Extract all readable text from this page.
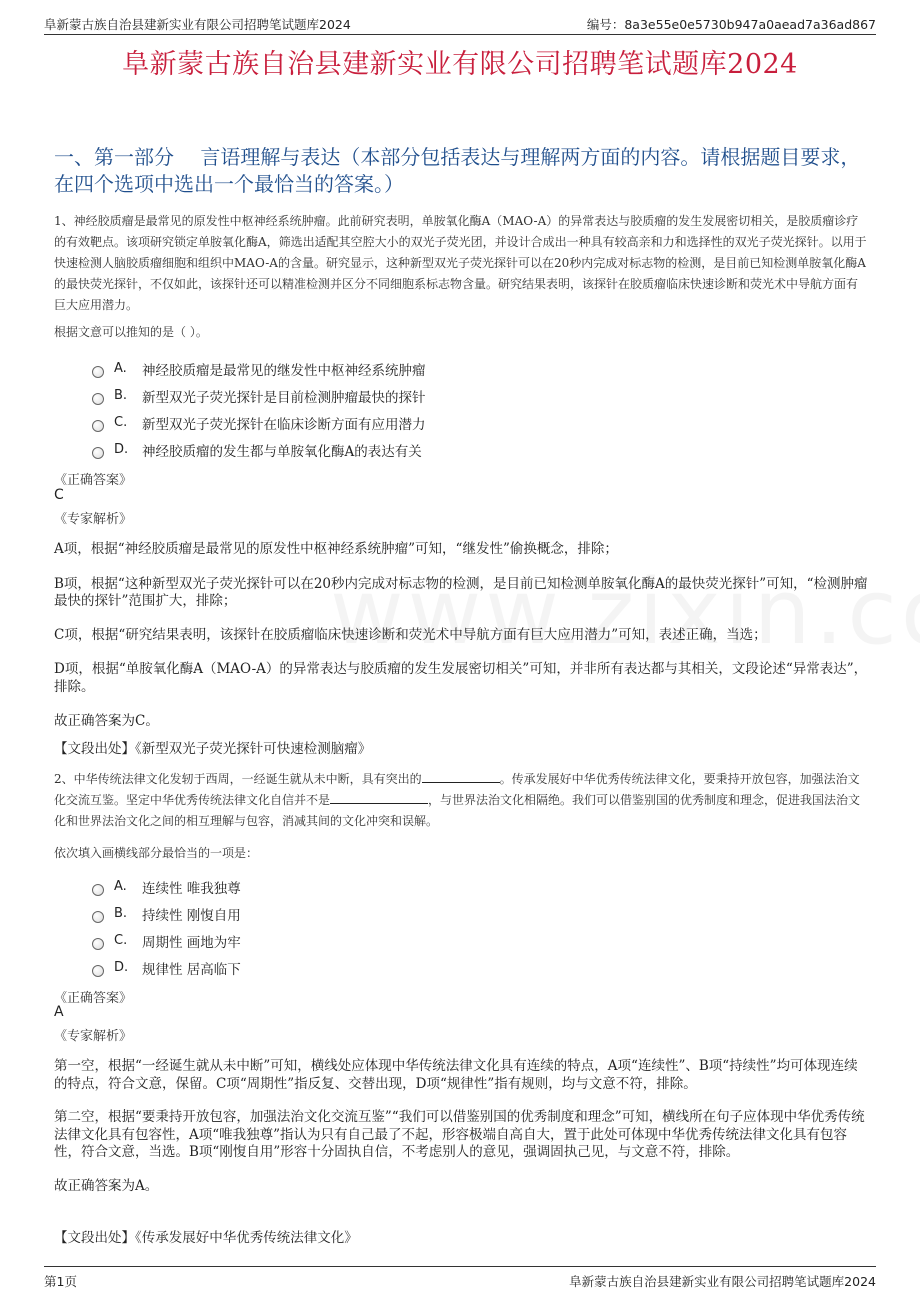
阜新蒙古族自治县建新实业有限公司招聘笔试题库2024	编号：8a3e55e0e5730b947a0aead7a36ad867
阜新蒙古族自治县建新实业有限公司招聘笔试题库2024
一、第一部分　 言语理解与表达（本部分包括表达与理解两方面的内容。请根据题目要求，在四个选项中选出一个最恰当的答案。）

1、神经胶质瘤是最常见的原发性中枢神经系统肿瘤。此前研究表明，单胺氧化酶A（MAO-A）的异常表达与胶质瘤的发生发展密切相关，是胶质瘤诊疗的有效靶点。该项研究锁定单胺氧化酶A，筛选出适配其空腔大小的双光子荧光团，并设计合成出一种具有较高亲和力和选择性的双光子荧光探针。以用于快速检测人脑胶质瘤细胞和组织中MAO-A的含量。研究显示，这种新型双光子荧光探针可以在20秒内完成对标志物的检测，是目前已知检测单胺氧化酶A的最快荧光探针，不仅如此，该探针还可以精准检测并区分不同细胞系标志物含量。研究结果表明，该探针在胶质瘤临床快速诊断和荧光术中导航方面有巨大应用潜力。

根据文意可以推知的是（ ）。
A.	神经胶质瘤是最常见的继发性中枢神经系统肿瘤
B.	新型双光子荧光探针是目前检测肿瘤最快的探针
C.	新型双光子荧光探针在临床诊断方面有应用潜力
D.	神经胶质瘤的发生都与单胺氧化酶A的表达有关
《正确答案》
C
《专家解析》

A项，根据“神经胶质瘤是最常见的原发性中枢神经系统肿瘤”可知，“继发性”偷换概念，排除；

B项，根据“这种新型双光子荧光探针可以在20秒内完成对标志物的检测，是目前已知检测单胺氧化酶A的最快荧光探针”可知，“检测肿瘤最快的探针”范围扩大，排除；

C项，根据“研究结果表明，该探针在胶质瘤临床快速诊断和荧光术中导航方面有巨大应用潜力”可知，表述正确，当选；

D项，根据“单胺氧化酶A（MAO-A）的异常表达与胶质瘤的发生发展密切相关”可知，并非所有表达都与其相关，文段论述“异常表达”，排除。

故正确答案为C。

【文段出处】《新型双光子荧光探针可快速检测脑瘤》

2、中华传统法律文化发轫于西周，一经诞生就从未中断，具有突出的	。传承发展好中华优秀传统法律文化，要秉持开放包容，加强法治文化交流互鉴。坚定中华优秀传统法律文化自信并不是	，与世界法治文化相隔绝。我们可以借鉴别国的优秀制度和理念，促进我国法治文化和世界法治文化之间的相互理解与包容，消减其间的文化冲突和误解。

依次填入画横线部分最恰当的一项是：
A.	连续性 唯我独尊
B.	持续性 刚愎自用
C.	周期性 画地为牢
D.	规律性 居高临下
《正确答案》
A
《专家解析》

第一空，根据“一经诞生就从未中断”可知，横线处应体现中华传统法律文化具有连续的特点，A项“连续性”、B项“持续性”均可体现连续的特点，符合文意，保留。C项“周期性”指反复、交替出现，D项“规律性”指有规则，均与文意不符，排除。

第二空，根据“要秉持开放包容，加强法治文化交流互鉴”“我们可以借鉴别国的优秀制度和理念”可知，横线所在句子应体现中华优秀传统法律文化具有包容性，A项“唯我独尊”指认为只有自己最了不起，形容极端自高自大，置于此处可体现中华优秀传统法律文化具有包容性，符合文意，当选。B项“刚愎自用”形容十分固执自信，不考虑别人的意见，强调固执己见，与文意不符，排除。

故正确答案为A。

【文段出处】《传承发展好中华优秀传统法律文化》
第1页	阜新蒙古族自治县建新实业有限公司招聘笔试题库2024
